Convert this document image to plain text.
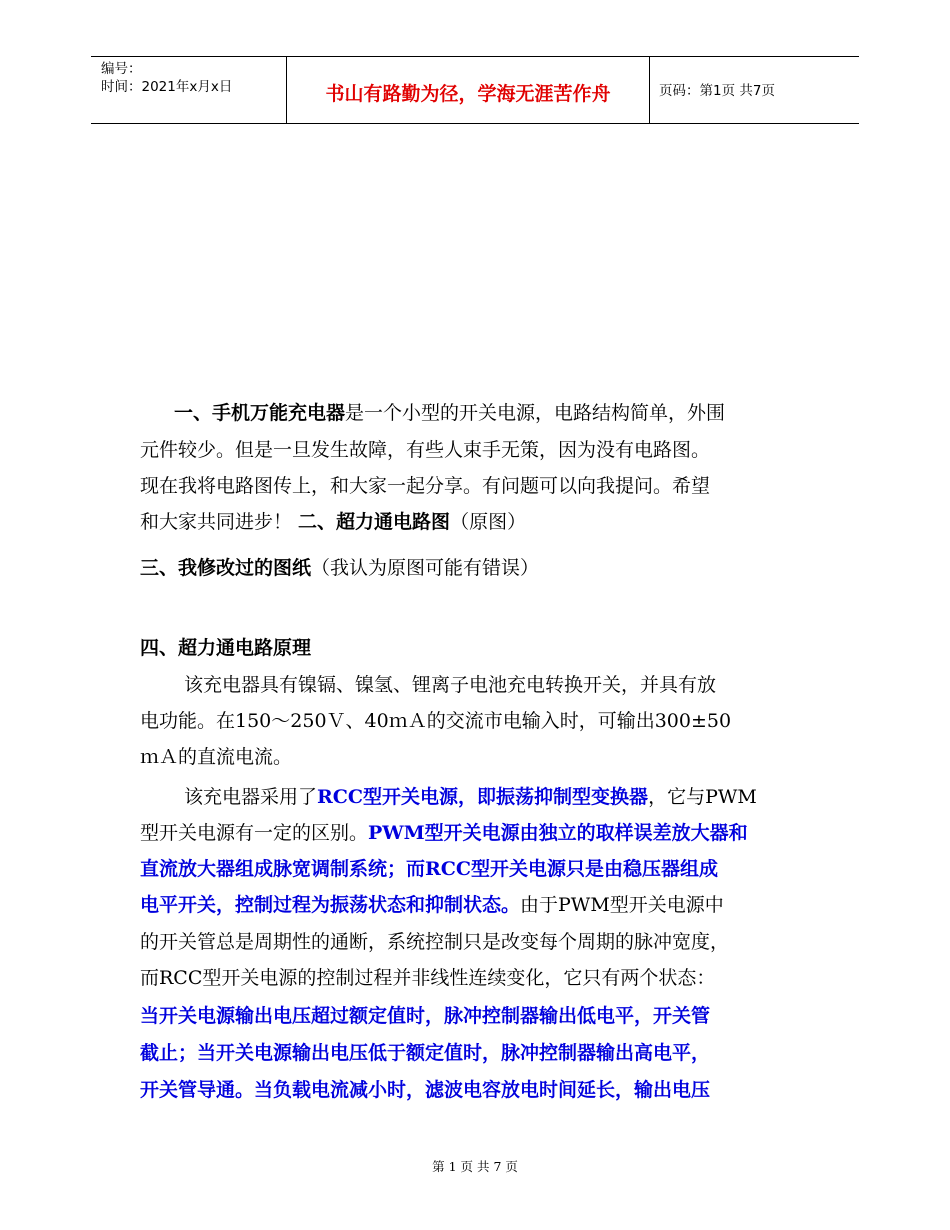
编号：
时间：2021年x月x日	书山有路勤为径，学海无涯苦作舟	页码：第1页 共7页
一、手机万能充电器是一个小型的开关电源，电路结构简单，外围
元件较少。但是一旦发生故障，有些人束手无策，因为没有电路图。
现在我将电路图传上，和大家一起分享。有问题可以向我提问。希望
和大家共同进步！ 二、超力通电路图（原图）
三、我修改过的图纸（我认为原图可能有错误）
四、超力通电路原理
该充电器具有镍镉、镍氢、锂离子电池充电转换开关，并具有放
电功能。在150～250Ｖ、40ｍＡ的交流市电输入时，可输出300±50
ｍＡ的直流电流。
该充电器采用了RCC型开关电源，即振荡抑制型变换器，它与PWM
型开关电源有一定的区别。PWM型开关电源由独立的取样误差放大器和
直流放大器组成脉宽调制系统；而RCC型开关电源只是由稳压器组成
电平开关，控制过程为振荡状态和抑制状态。由于PWM型开关电源中
的开关管总是周期性的通断，系统控制只是改变每个周期的脉冲宽度，
而RCC型开关电源的控制过程并非线性连续变化，它只有两个状态：
当开关电源输出电压超过额定值时，脉冲控制器输出低电平，开关管
截止；当开关电源输出电压低于额定值时，脉冲控制器输出高电平，
开关管导通。当负载电流减小时，滤波电容放电时间延长，输出电压
第 1 页 共 7 页
